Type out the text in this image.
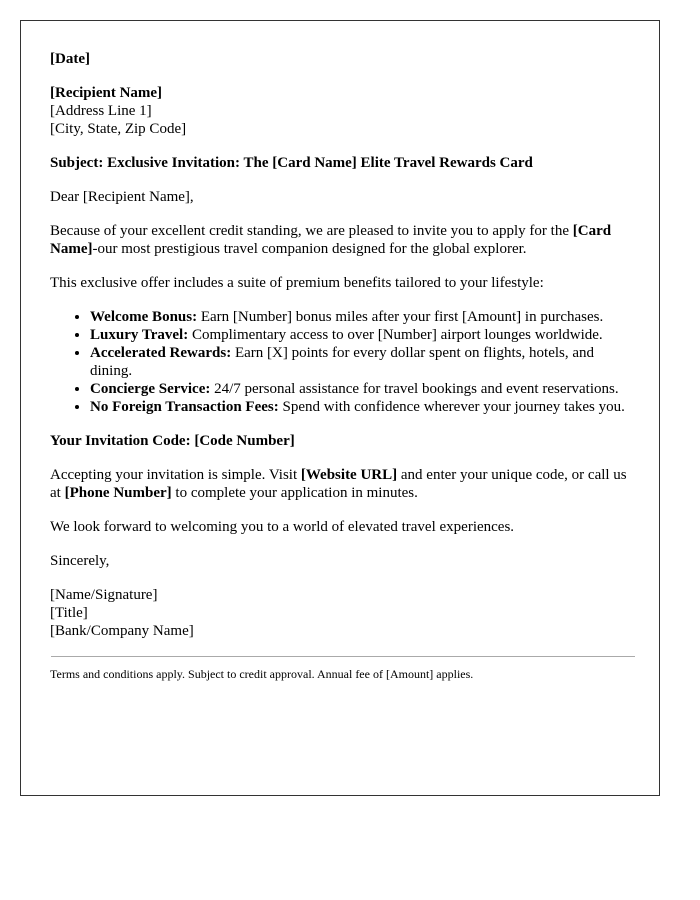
[Date]

[Recipient Name]

[Address Line 1]

[City, State, Zip Code]

Subject: Exclusive Invitation: The [Card Name] Elite Travel Rewards Card

Dear [Recipient Name],

Because of your excellent credit standing, we are pleased to invite you to apply for the [Card Name]-our most prestigious travel companion designed for the global explorer.

This exclusive offer includes a suite of premium benefits tailored to your lifestyle:

• Welcome Bonus: Earn [Number] bonus miles after your first [Amount] in purchases.
• Luxury Travel: Complimentary access to over [Number] airport lounges worldwide.
• Accelerated Rewards: Earn [X] points for every dollar spent on flights, hotels, and dining.
• Concierge Service: 24/7 personal assistance for travel bookings and event reservations.
• No Foreign Transaction Fees: Spend with confidence wherever your journey takes you.

Your Invitation Code: [Code Number]

Accepting your invitation is simple. Visit [Website URL] and enter your unique code, or call us at [Phone Number] to complete your application in minutes.

We look forward to welcoming you to a world of elevated travel experiences.

Sincerely,

[Name/Signature]

[Title]

[Bank/Company Name]

Terms and conditions apply. Subject to credit approval. Annual fee of [Amount] applies.
